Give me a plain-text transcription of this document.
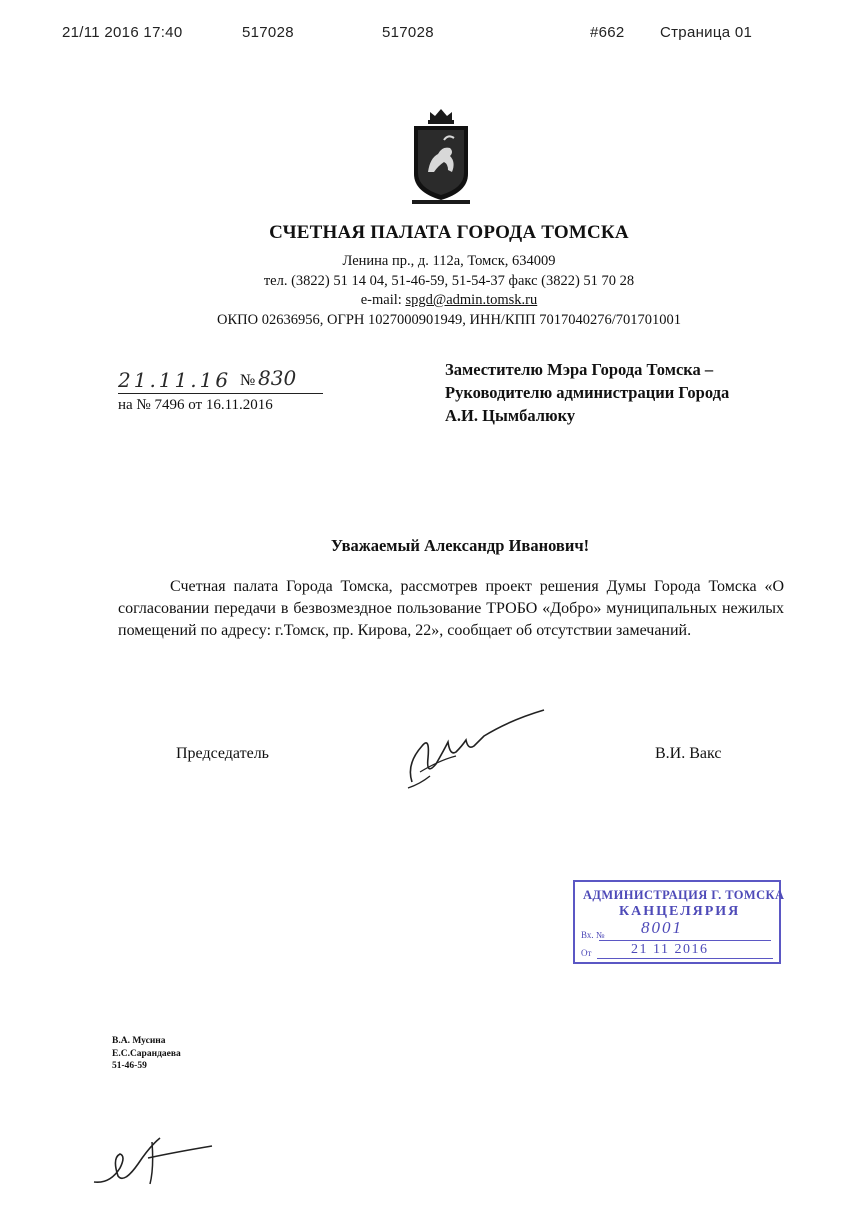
21/11 2016 17:40	517028	517028	#662 Страница 01
СЧЕТНАЯ ПАЛАТА ГОРОДА ТОМСКА
Ленина пр., д. 112а, Томск, 634009
тел. (3822) 51 14 04, 51-46-59, 51-54-37 факс (3822) 51 70 28
e-mail: spgd@admin.tomsk.ru
ОКПО 02636956, ОГРН 1027000901949, ИНН/КПП 7017040276/701701001
21.11.16 № 830
на № 7496 от 16.11.2016
Заместителю Мэра Города Томска –
Руководителю администрации Города
А.И. Цымбалюку
Уважаемый Александр Иванович!
Счетная палата Города Томска, рассмотрев проект решения Думы Города Томска «О согласовании передачи в безвозмездное пользование ТРОБО «Добро» муниципальных нежилых помещений по адресу: г.Томск, пр. Кирова, 22», сообщает об отсутствии замечаний.
Председатель	В.И. Вакс
АДМИНИСТРАЦИЯ Г. ТОМСКА
КАНЦЕЛЯРИЯ
Вх. № 8001
От	21 11 2016
В.А. Мусина
Е.С.Сарандаева
51-46-59
